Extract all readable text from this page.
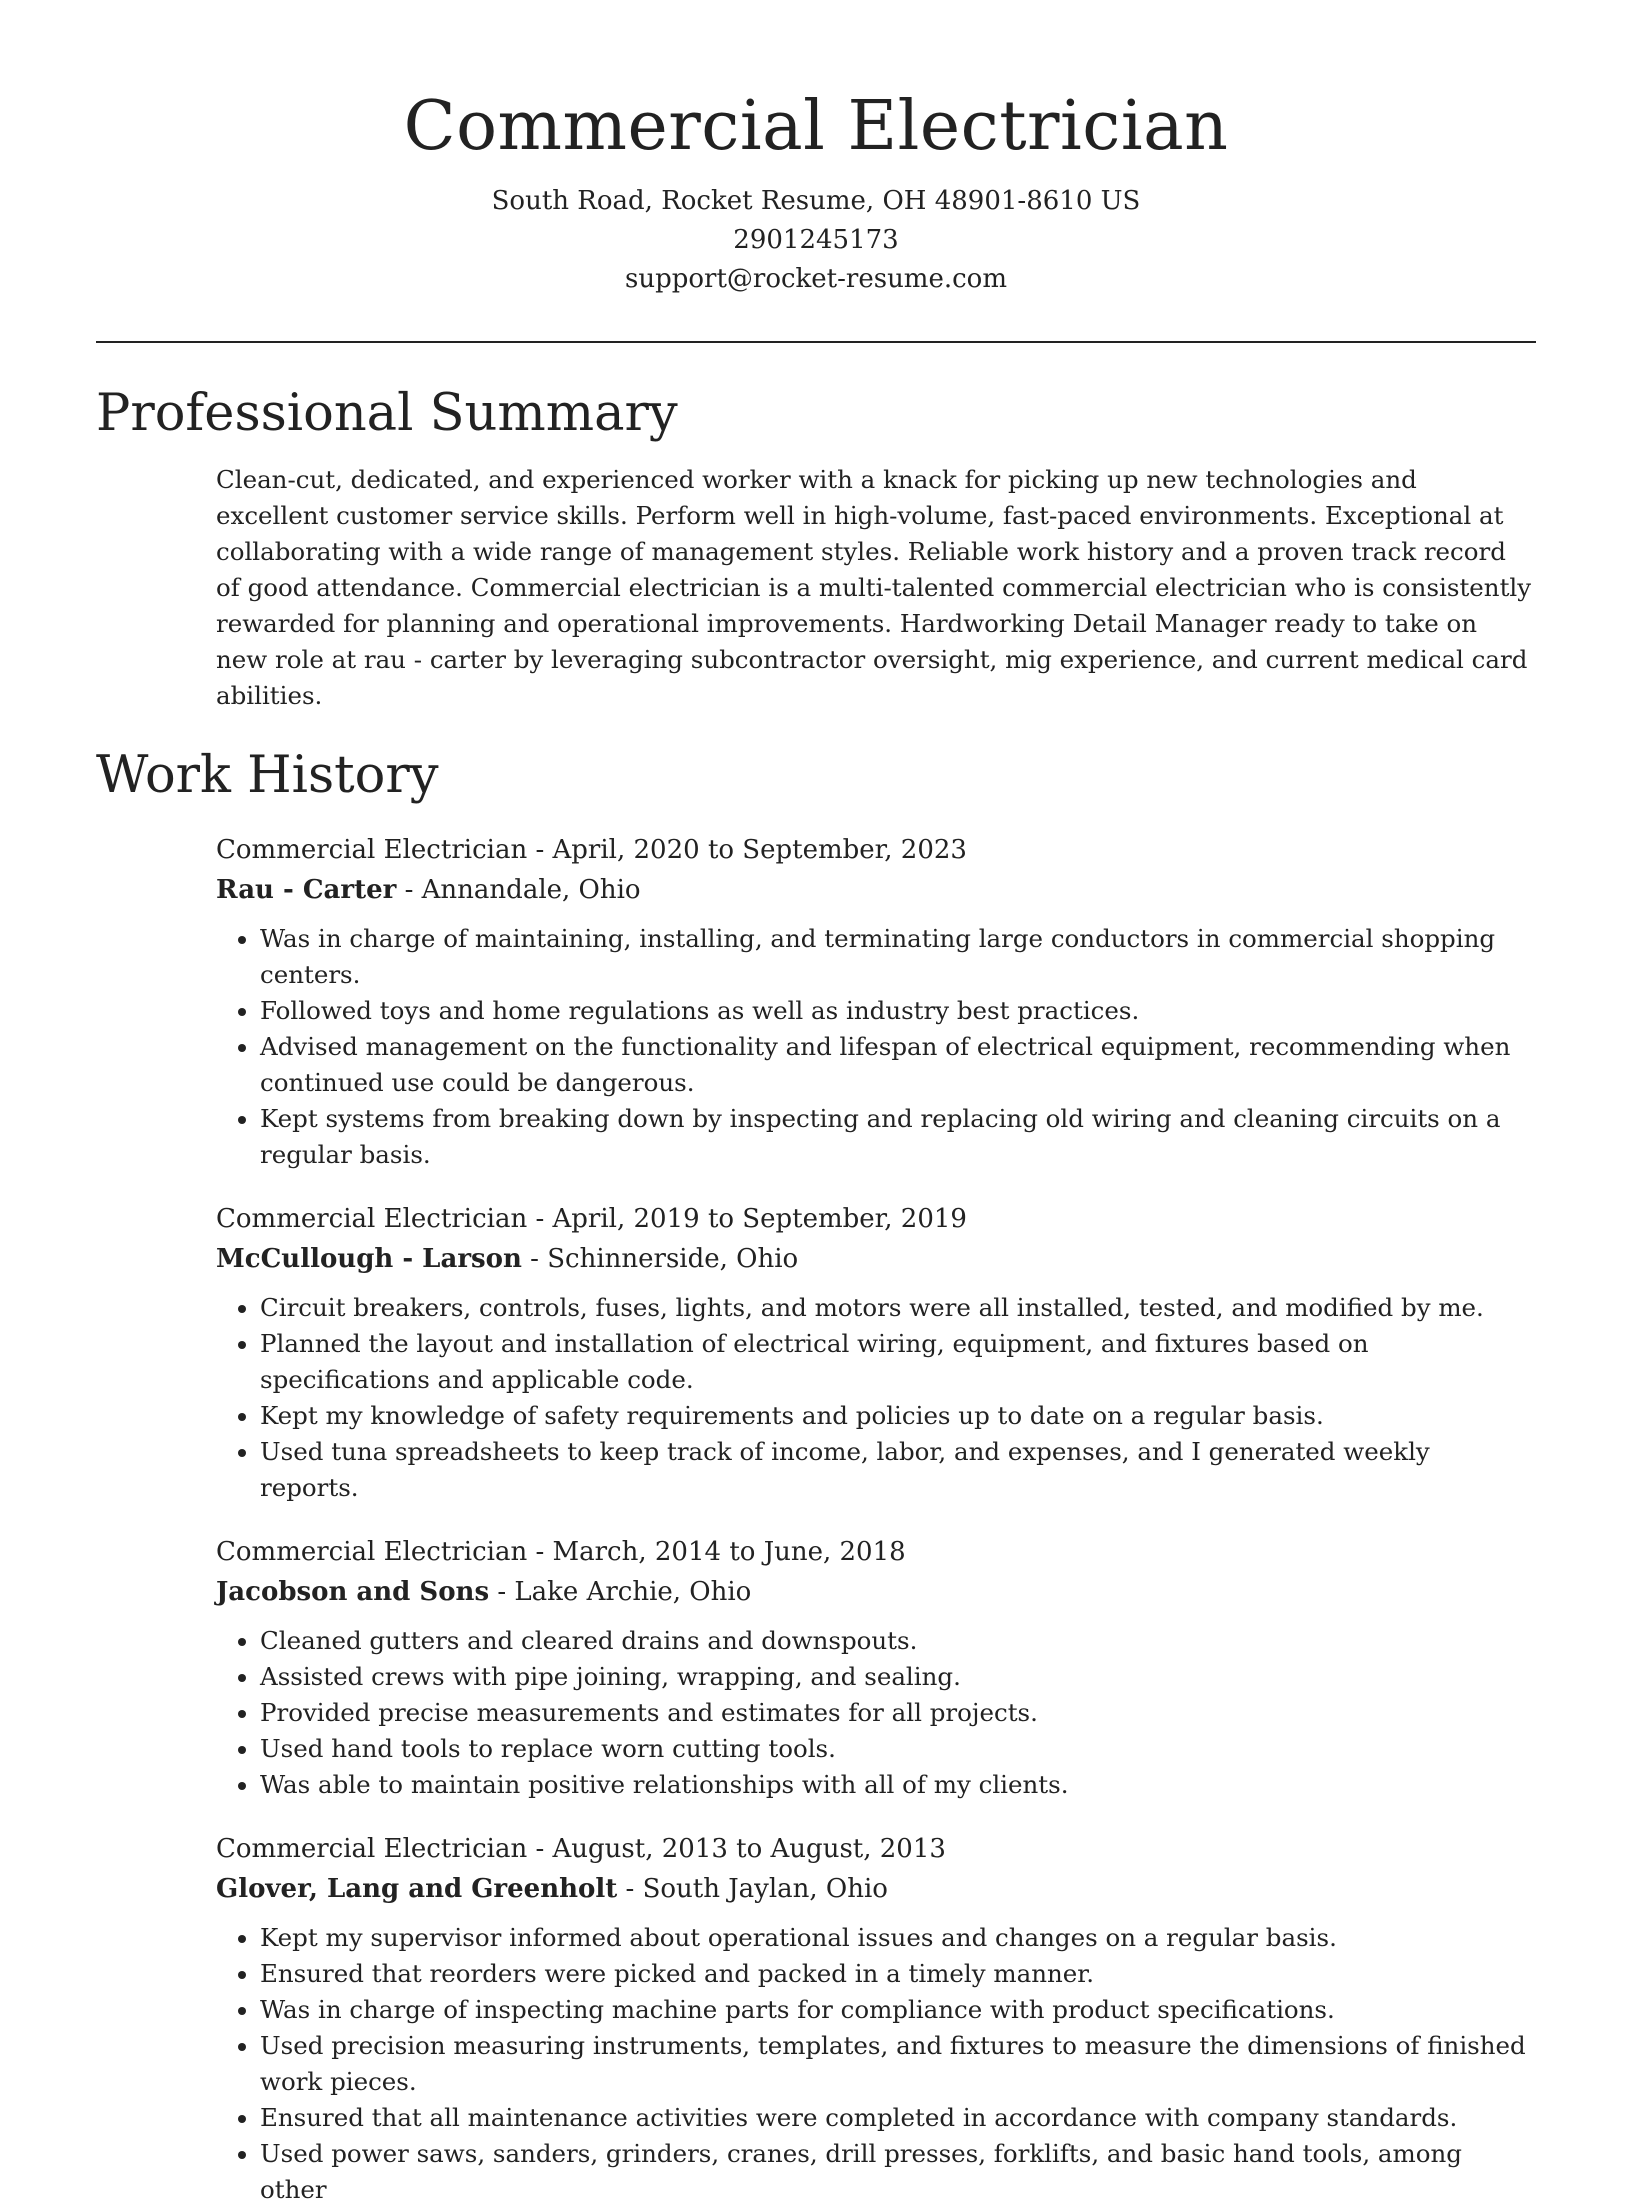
Commercial Electrician

South Road, Rocket Resume, OH 48901-8610 US

2901245173

support@rocket-resume.com

Professional Summary

Clean-cut, dedicated, and experienced worker with a knack for picking up new technologies and excellent customer service skills. Perform well in high-volume, fast-paced environments. Exceptional at collaborating with a wide range of management styles. Reliable work history and a proven track record of good attendance. Commercial electrician is a multi-talented commercial electrician who is consistently rewarded for planning and operational improvements. Hardworking Detail Manager ready to take on new role at rau - carter by leveraging subcontractor oversight, mig experience, and current medical card abilities.

Work History

Commercial Electrician - April, 2020 to September, 2023

Rau - Carter - Annandale, Ohio

• Was in charge of maintaining, installing, and terminating large conductors in commercial shopping centers.
• Followed toys and home regulations as well as industry best practices.
• Advised management on the functionality and lifespan of electrical equipment, recommending when continued use could be dangerous.
• Kept systems from breaking down by inspecting and replacing old wiring and cleaning circuits on a regular basis.

Commercial Electrician - April, 2019 to September, 2019

McCullough - Larson - Schinnerside, Ohio

• Circuit breakers, controls, fuses, lights, and motors were all installed, tested, and modified by me.
• Planned the layout and installation of electrical wiring, equipment, and fixtures based on specifications and applicable code.
• Kept my knowledge of safety requirements and policies up to date on a regular basis.
• Used tuna spreadsheets to keep track of income, labor, and expenses, and I generated weekly reports.

Commercial Electrician - March, 2014 to June, 2018

Jacobson and Sons - Lake Archie, Ohio

• Cleaned gutters and cleared drains and downspouts.
• Assisted crews with pipe joining, wrapping, and sealing.
• Provided precise measurements and estimates for all projects.
• Used hand tools to replace worn cutting tools.
• Was able to maintain positive relationships with all of my clients.

Commercial Electrician - August, 2013 to August, 2013

Glover, Lang and Greenholt - South Jaylan, Ohio

• Kept my supervisor informed about operational issues and changes on a regular basis.
• Ensured that reorders were picked and packed in a timely manner.
• Was in charge of inspecting machine parts for compliance with product specifications.
• Used precision measuring instruments, templates, and fixtures to measure the dimensions of finished work pieces.
• Ensured that all maintenance activities were completed in accordance with company standards.
• Used power saws, sanders, grinders, cranes, drill presses, forklifts, and basic hand tools, among other
